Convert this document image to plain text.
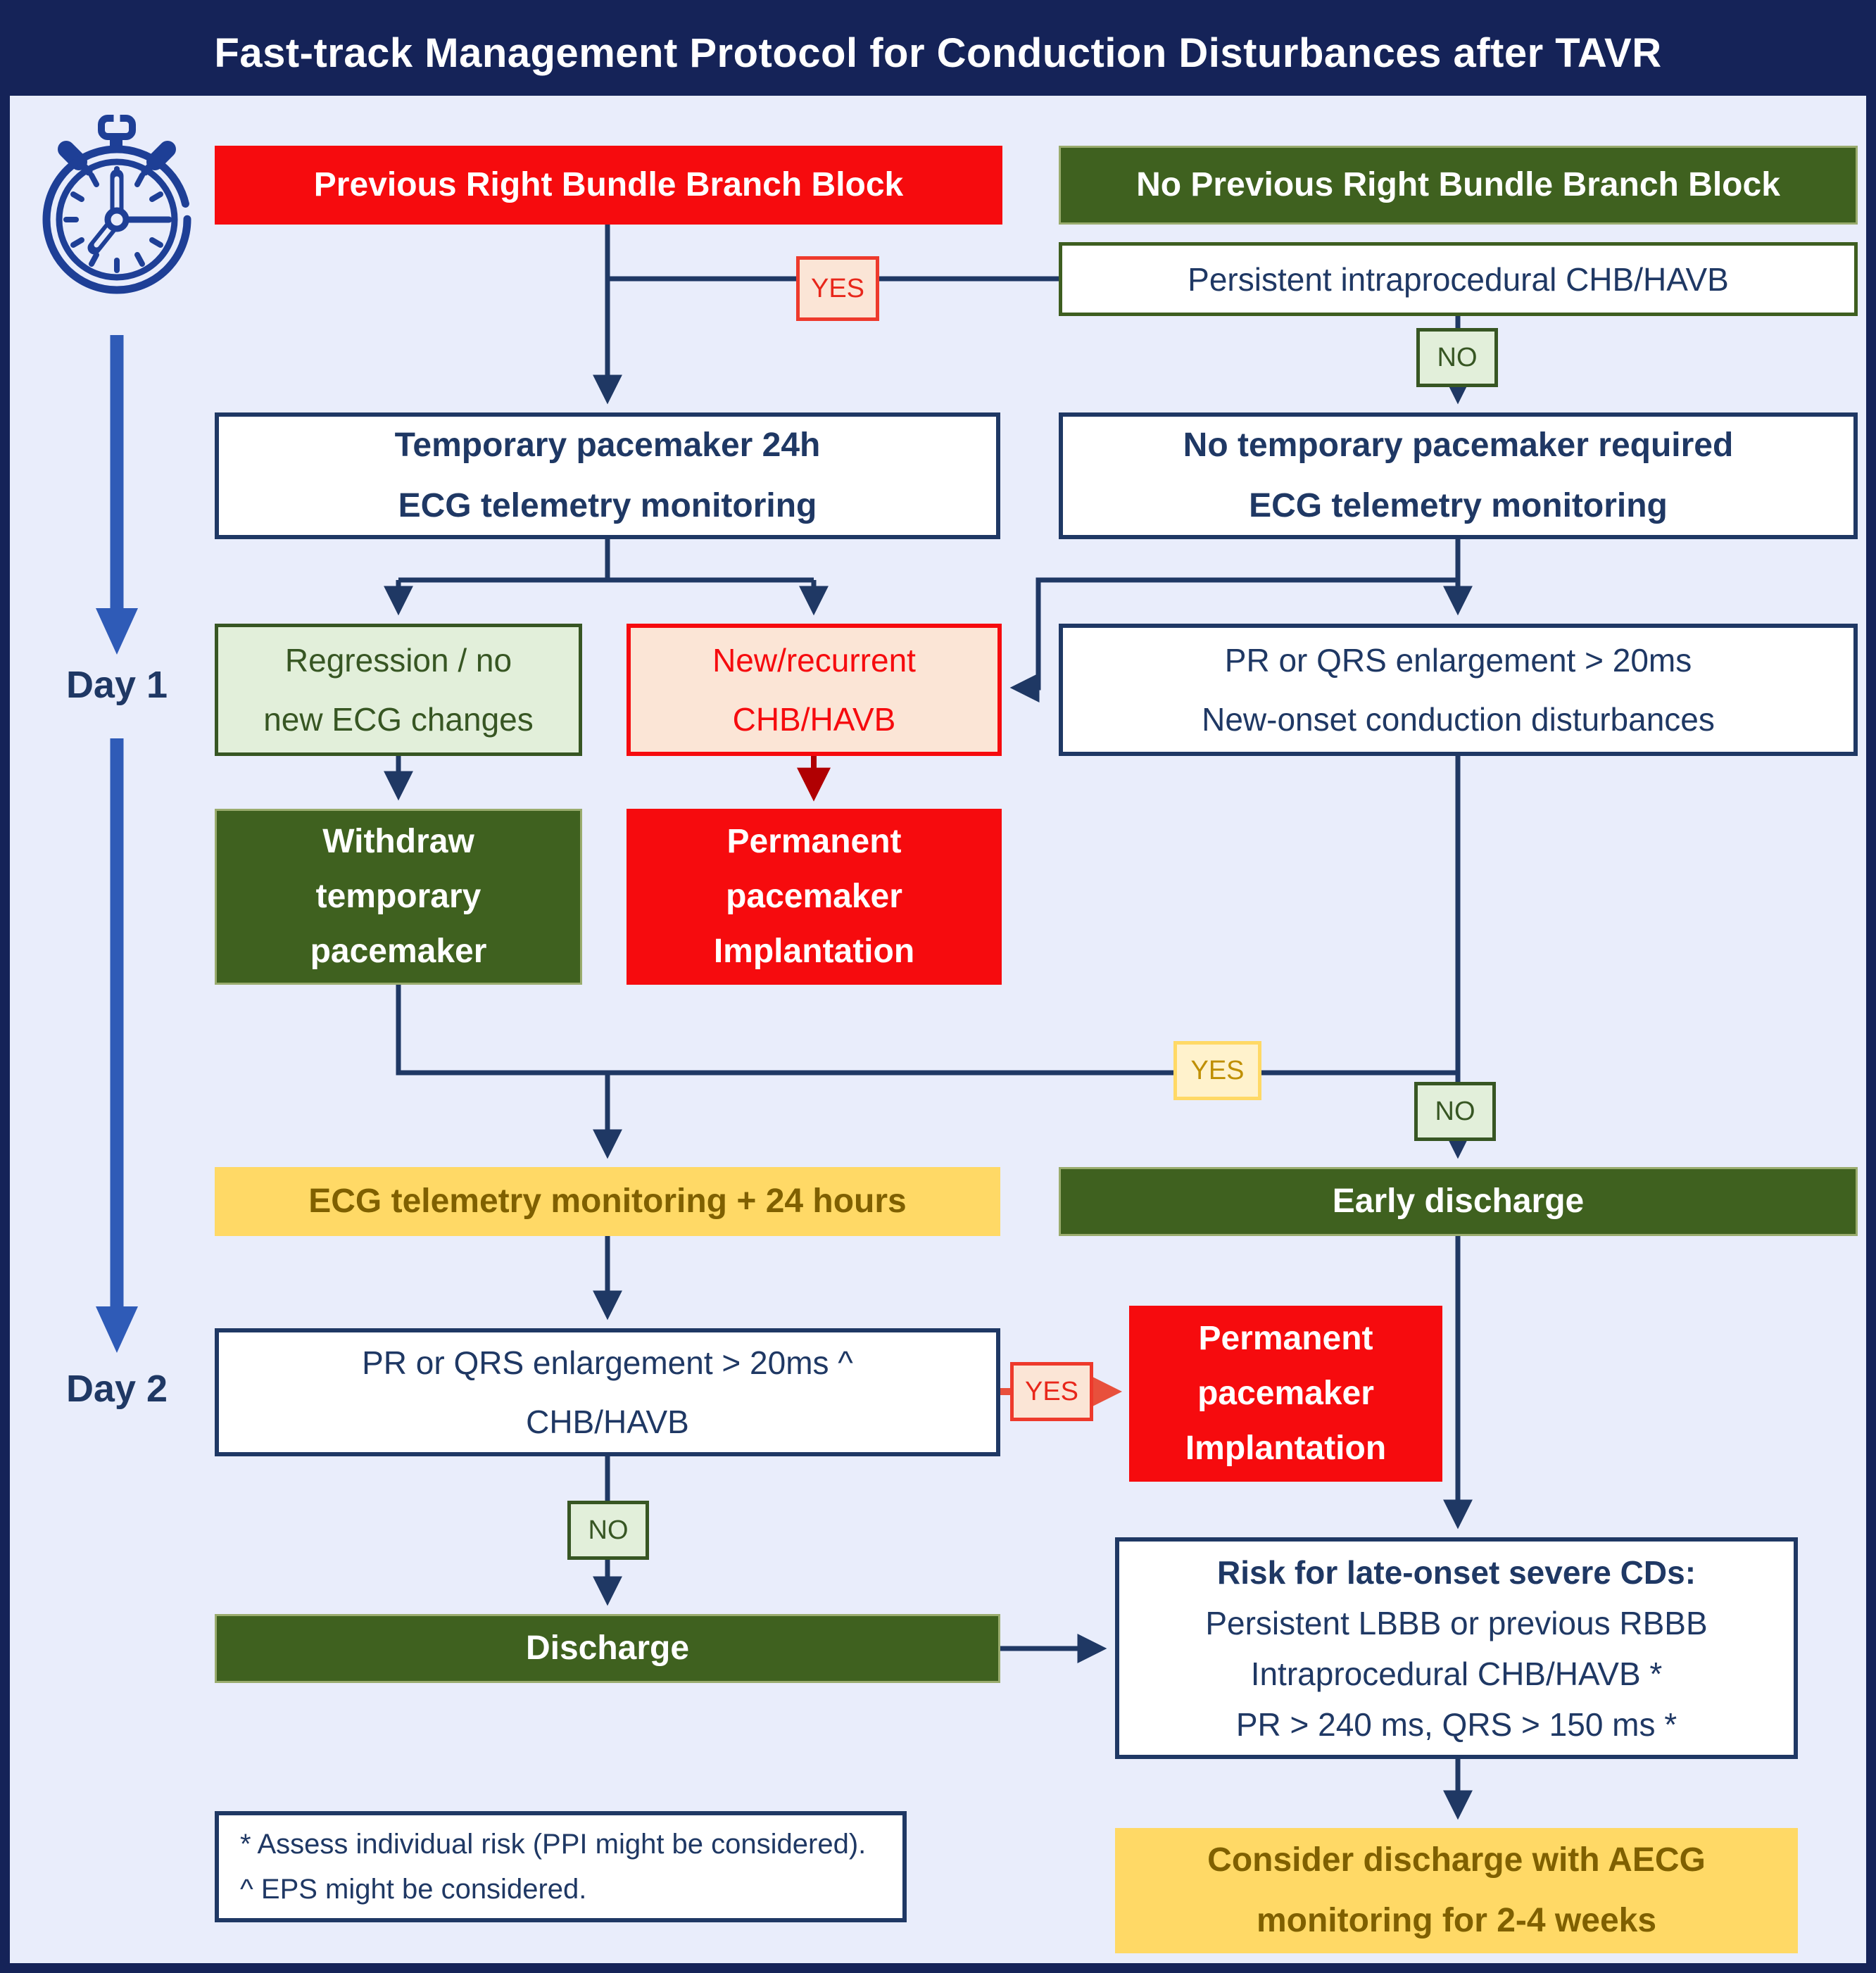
Fast-track Management Protocol for Conduction Disturbances after TAVR
Day 1
Day 2
Previous Right Bundle Branch Block	No Previous Right Bundle Branch Block
Persistent intraprocedural CHB/HAVB
YES
NO
Temporary pacemaker 24h
ECG telemetry monitoring
No temporary pacemaker required
ECG telemetry monitoring
Regression / no
new ECG changes
New/recurrent
CHB/HAVB
PR or QRS enlargement > 20ms
New-onset conduction disturbances
Withdraw
temporary
pacemaker
Permanent
pacemaker
Implantation
YES
NO
ECG telemetry monitoring + 24 hours	Early discharge
PR or QRS enlargement > 20ms ^
CHB/HAVB
YES
Permanent
pacemaker
Implantation
NO
Discharge
Risk for late-onset severe CDs:
Persistent LBBB or previous RBBB
Intraprocedural CHB/HAVB *
PR > 240 ms, QRS > 150 ms *
* Assess individual risk (PPI might be considered).
^ EPS might be considered.
Consider discharge with AECG
monitoring for 2-4 weeks
